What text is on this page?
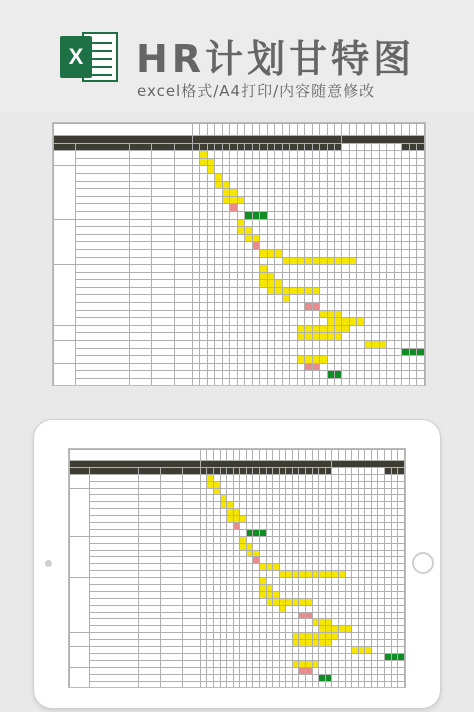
X HR计划甘特图
excel格式/A4打印/内容随意修改
